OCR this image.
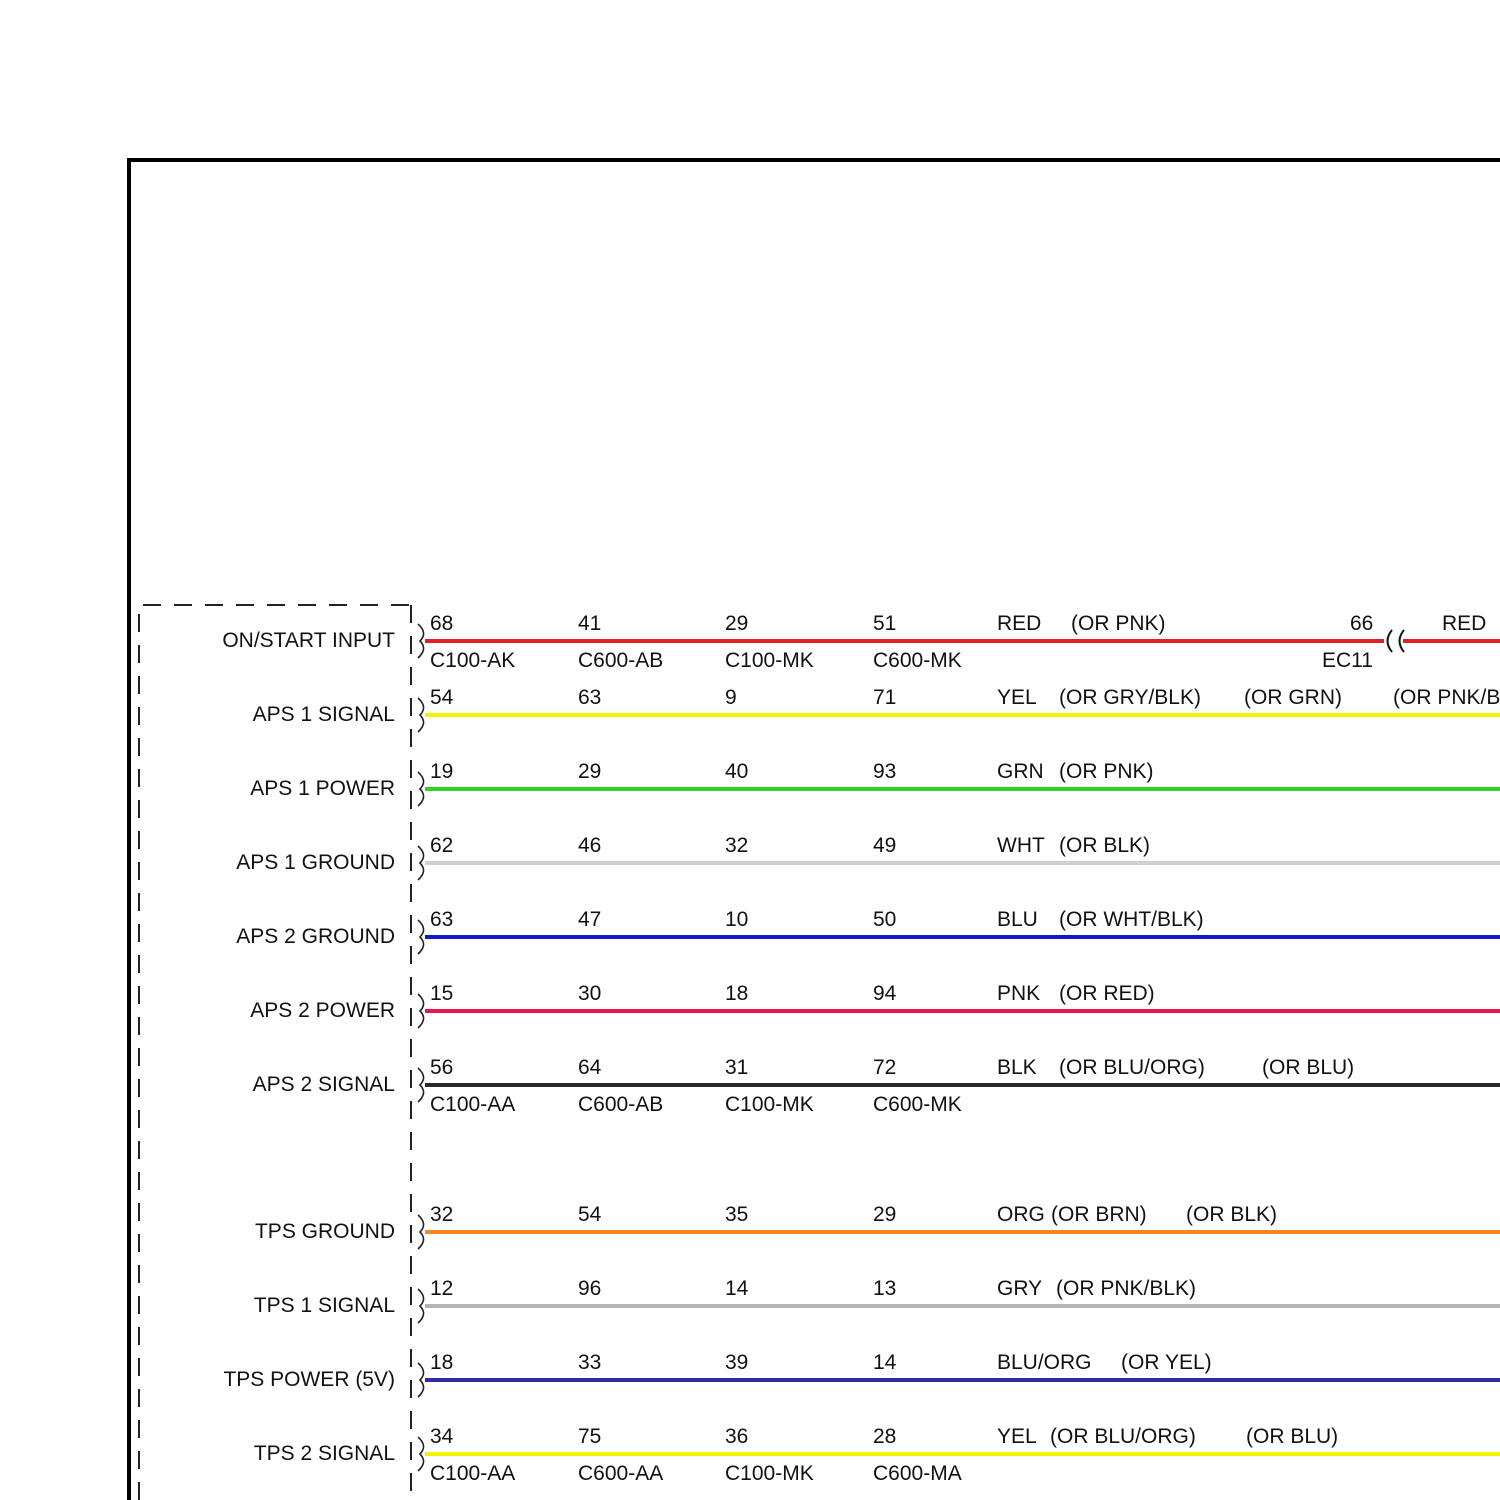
ON/START INPUT
68	41	29	51
C100-AK	C600-AB	C100-MK	C600-MK
RED (OR PNK)	66
EC11
RED
APS 1 SIGNAL
54	63	9	71	YEL (OR GRY/BLK) (OR GRN) (OR PNK/B
APS 1 POWER
19	29	40	93	GRN (OR PNK)
APS 1 GROUND
62	46	32	49	WHT (OR BLK)
APS 2 GROUND
63	47	10	50	BLU (OR WHT/BLK)
APS 2 POWER
15	30	18	94	PNK (OR RED)
APS 2 SIGNAL
56	64	31	72
C100-AA	C600-AB	C100-MK	C600-MK
BLK (OR BLU/ORG)	(OR BLU)
TPS GROUND
32	54	35	29	ORG (OR BRN) (OR BLK)
TPS 1 SIGNAL
12	96	14	13	GRY (OR PNK/BLK)
TPS POWER (5V)
18	33	39	14	BLU/ORG (OR YEL)
TPS 2 SIGNAL
34	75	36	28
C100-AA	C600-AA	C100-MK	C600-MA
YEL (OR BLU/ORG) (OR BLU)
